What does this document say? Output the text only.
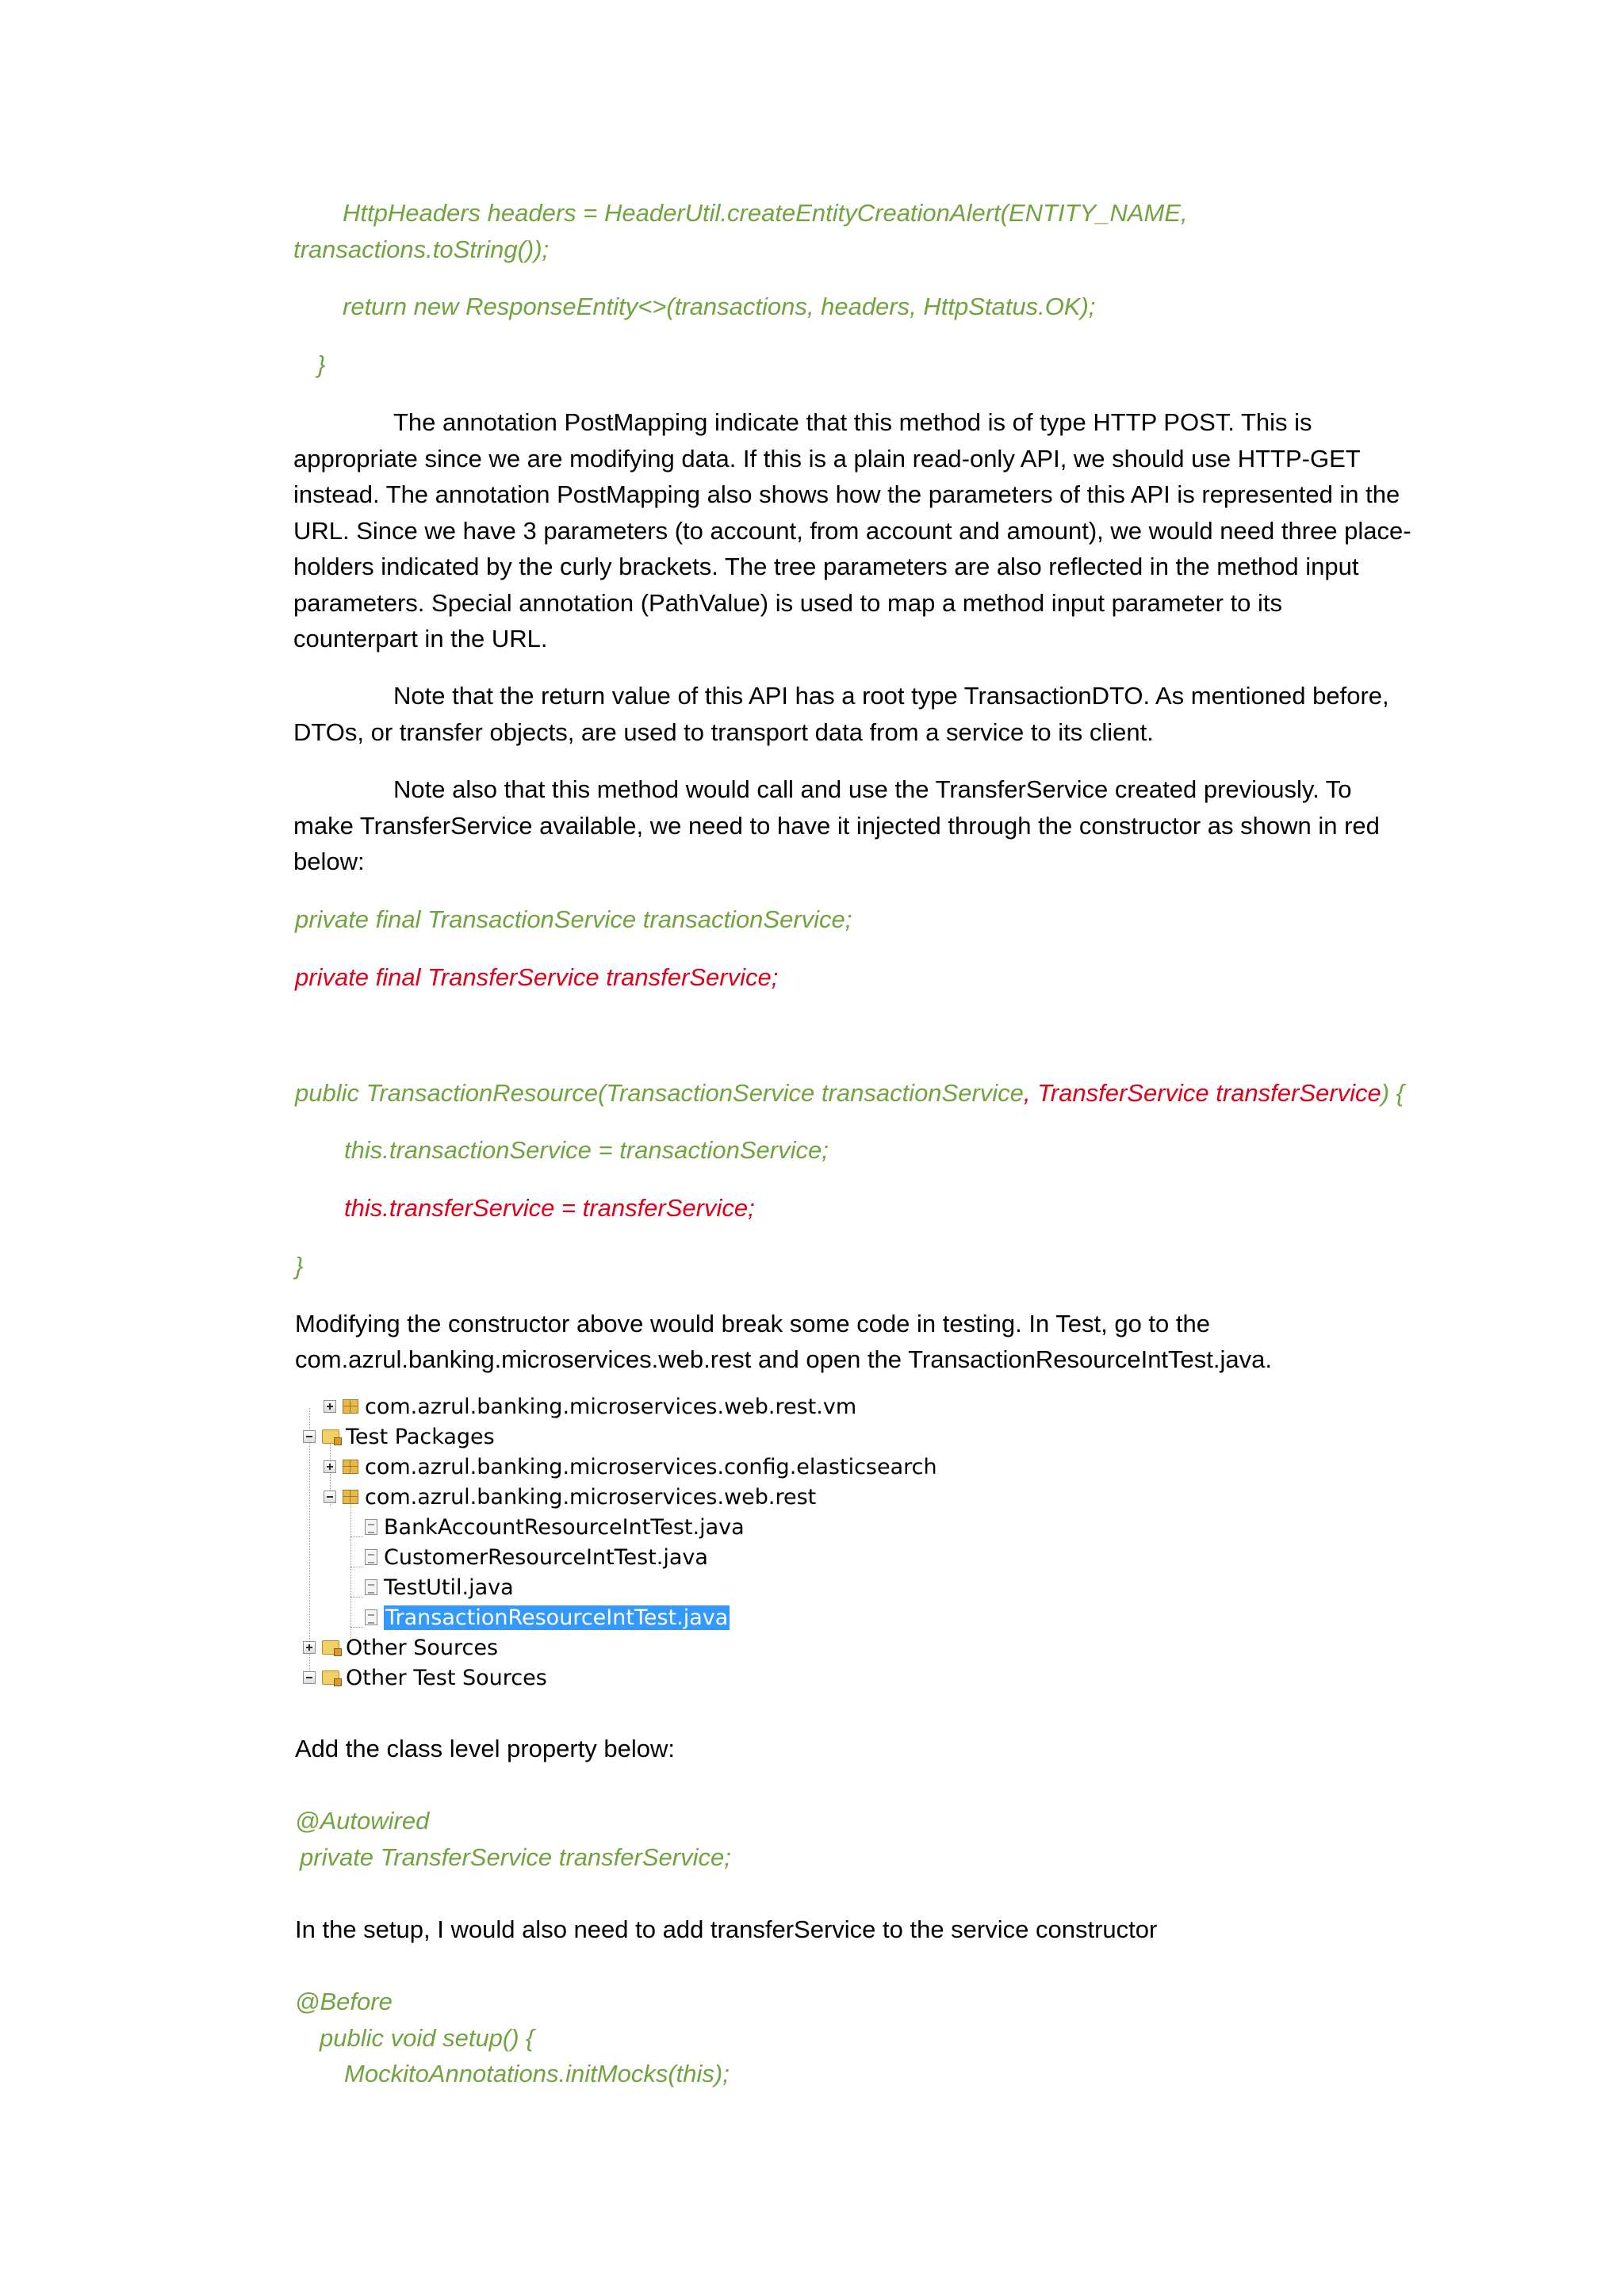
HttpHeaders headers = HeaderUtil.createEntityCreationAlert(ENTITY_NAME,

transactions.toString());

return new ResponseEntity<>(transactions, headers, HttpStatus.OK);

}

The annotation PostMapping indicate that this method is of type HTTP POST. This is

appropriate since we are modifying data. If this is a plain read-only API, we should use HTTP-GET

instead. The annotation PostMapping also shows how the parameters of this API is represented in the

URL. Since we have 3 parameters (to account, from account and amount), we would need three place-

holders indicated by the curly brackets. The tree parameters are also reflected in the method input

parameters. Special annotation (PathValue) is used to map a method input parameter to its

counterpart in the URL.

Note that the return value of this API has a root type TransactionDTO. As mentioned before,

DTOs, or transfer objects, are used to transport data from a service to its client.

Note also that this method would call and use the TransferService created previously. To

make TransferService available, we need to have it injected through the constructor as shown in red

below:

private final TransactionService transactionService;

private final TransferService transferService;

public TransactionResource(TransactionService transactionService, TransferService transferService) {

this.transactionService = transactionService;

this.transferService = transferService;

}

Modifying the constructor above would break some code in testing. In Test, go to the

com.azrul.banking.microservices.web.rest and open the TransactionResourceIntTest.java.

com.azrul.banking.microservices.web.rest.vm
Test Packages
com.azrul.banking.microservices.config.elasticsearch
com.azrul.banking.microservices.web.rest
BankAccountResourceIntTest.java
CustomerResourceIntTest.java
TestUtil.java
TransactionResourceIntTest.java
Other Sources
Other Test Sources

Add the class level property below:

@Autowired

private TransferService transferService;

In the setup, I would also need to add transferService to the service constructor

@Before

public void setup() {

MockitoAnnotations.initMocks(this);
